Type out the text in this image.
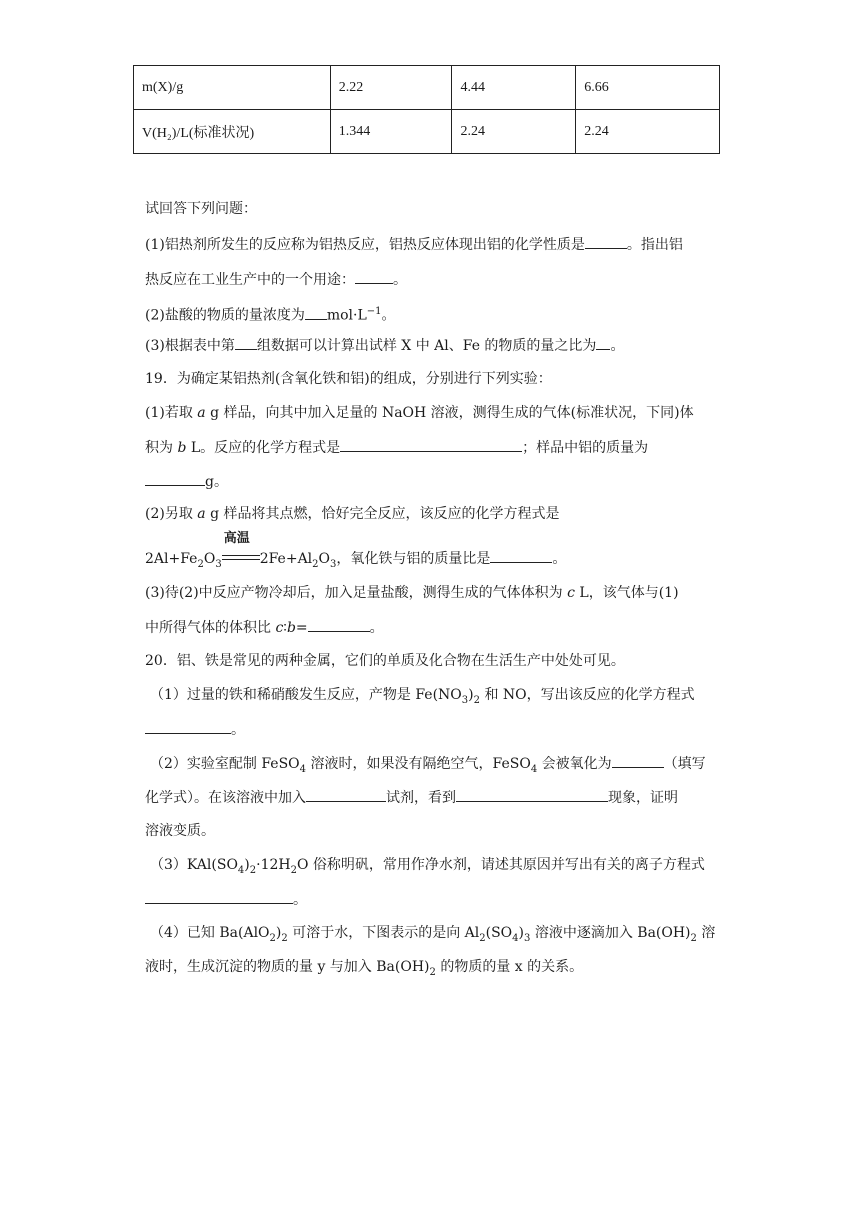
m(X)/g	2.22	4.44	6.66
V(H₂)/L(标准状况)	1.344	2.24	2.24
试回答下列问题：
(1)铝热剂所发生的反应称为铝热反应，铝热反应体现出铝的化学性质是	。指出铝
热反应在工业生产中的一个用途：	。
(2)盐酸的物质的量浓度为 $mol\cdot L^{-1}$。
(3)根据表中第 组数据可以计算出试样 X 中 Al、Fe 的物质的量之比为 。
19．为确定某铝热剂(含氧化铁和铝)的组成，分别进行下列实验：
(1)若取 a g 样品，向其中加入足量的 NaOH 溶液，测得生成的气体(标准状况，下同)体
积为 b L。反应的化学方程式是	；样品中铝的质量为
g。
(2)另取 a g 样品将其点燃，恰好完全反应，该反应的化学方程式是
$2Al+Fe_2O_3$
高温
$2Fe+Al_2O_3$，氧化铁与铝的质量比是	。
(3)待(2)中反应产物冷却后，加入足量盐酸，测得生成的气体体积为 c L，该气体与(1)
中所得气体的体积比 c∶b=	。
20．铝、铁是常见的两种金属，它们的单质及化合物在生活生产中处处可见。
（1）过量的铁和稀硝酸发生反应，产物是 $Fe(NO_3)_2$ 和 NO，写出该反应的化学方程式
。
（2）实验室配制 FeSO$_4$ 溶液时，如果没有隔绝空气，FeSO$_4$ 会被氧化为	（填写
化学式）。在该溶液中加入	试剂，看到	现象，证明
溶液变质。
$(3)KAl(SO_4)_2\cdot 12H_2O$ 俗称明矾，常用作净水剂，请述其原因并写出有关的离子方程式
。
（4）已知 $Ba(AlO_2)_2$ 可溶于水，下图表示的是向 $Al_2(SO_4)_3$ 溶液中逐滴加入 $Ba(OH)_2$ 溶
液时，生成沉淀的物质的量 y 与加入 $Ba(OH)_2$ 的物质的量 x 的关系。
